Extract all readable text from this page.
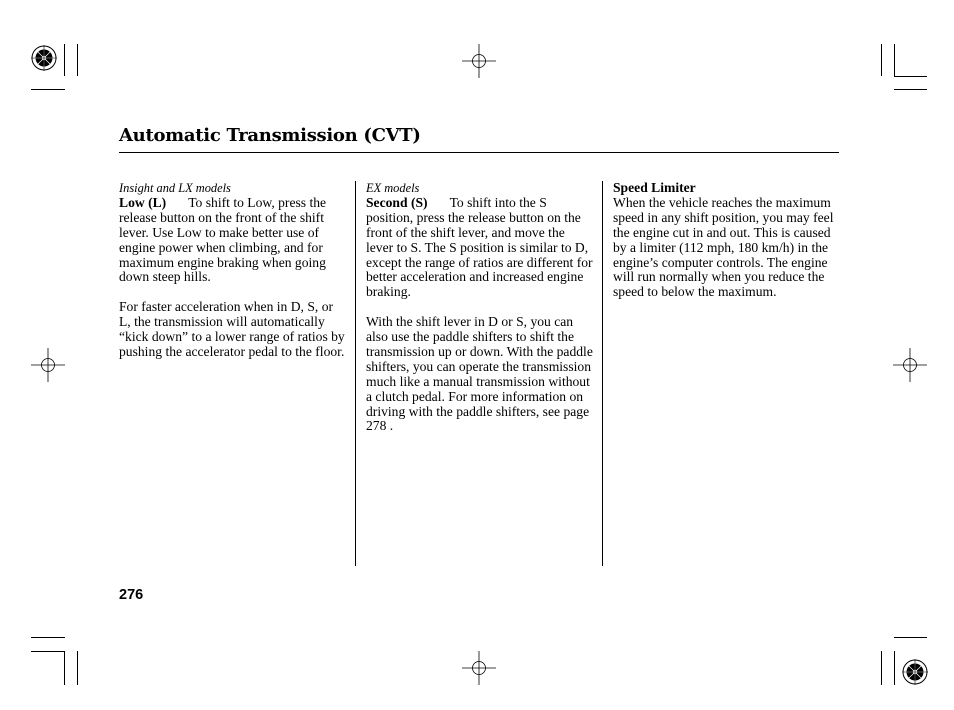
Automatic Transmission (CVT)
Insight and LX models

Low (L) To shift to Low, press the release button on the front of the shift lever. Use Low to make better use of engine power when climbing, and for maximum engine braking when going down steep hills.

For faster acceleration when in D, S, or L, the transmission will automatically “kick down” to a lower range of ratios by pushing the accelerator pedal to the floor.

EX models

Second (S) To shift into the S position, press the release button on the front of the shift lever, and move the lever to S. The S position is similar to D, except the range of ratios are different for better acceleration and increased engine braking.

With the shift lever in D or S, you can also use the paddle shifters to shift the transmission up or down. With the paddle shifters, you can operate the transmission much like a manual transmission without a clutch pedal. For more information on driving with the paddle shifters, see page 278 .

Speed Limiter

When the vehicle reaches the maximum speed in any shift position, you may feel the engine cut in and out. This is caused by a limiter (112 mph, 180 km/h) in the engine’s computer controls. The engine will run normally when you reduce the speed to below the maximum.

276
